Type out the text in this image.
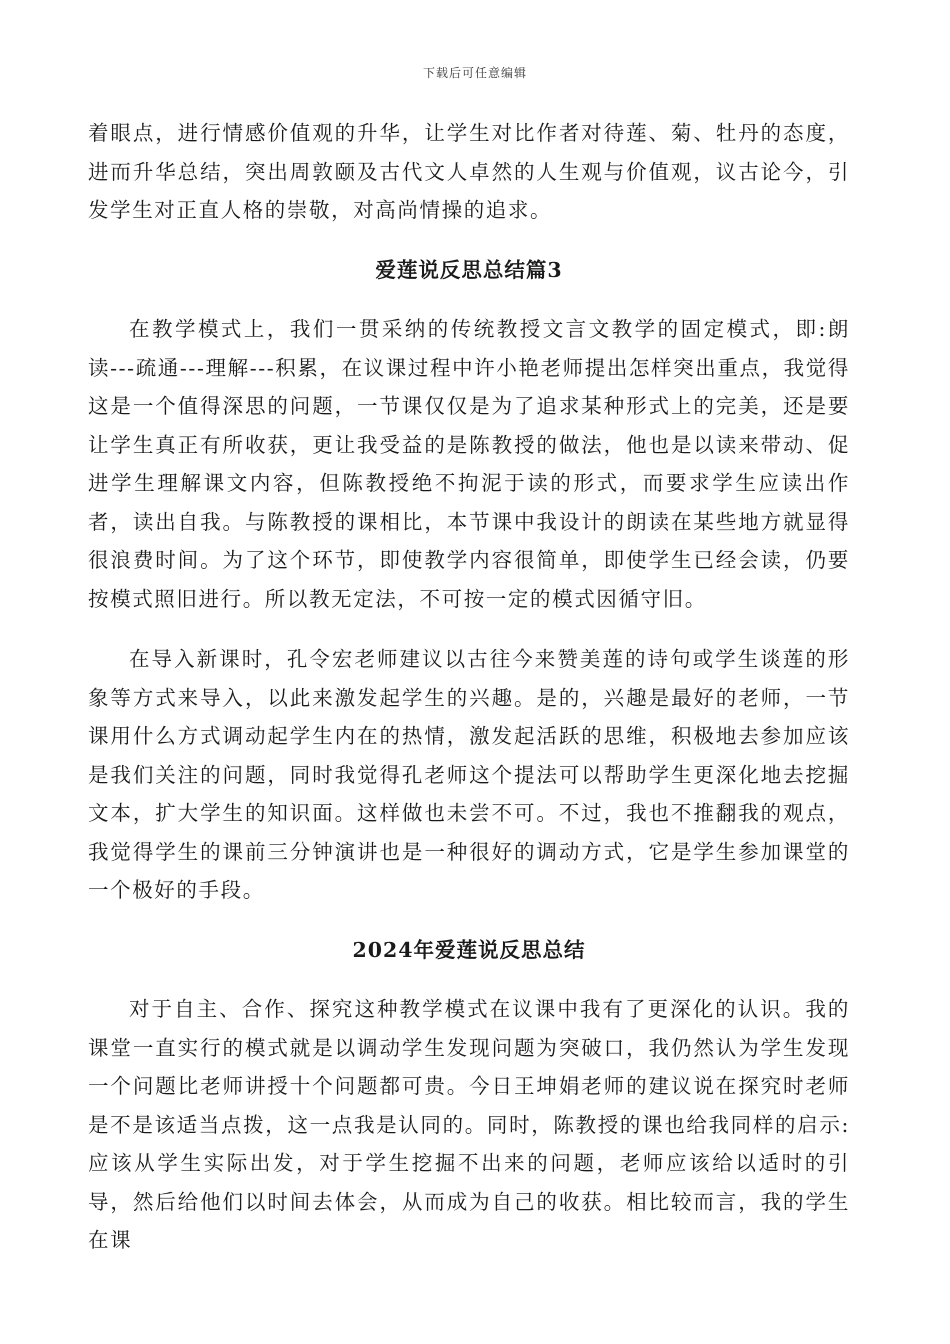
下载后可任意编辑

着眼点，进行情感价值观的升华，让学生对比作者对待莲、菊、牡丹的态度，进而升华总结，突出周敦颐及古代文人卓然的人生观与价值观，议古论今，引发学生对正直人格的崇敬，对高尚情操的追求。

爱莲说反思总结篇3

在教学模式上，我们一贯采纳的传统教授文言文教学的固定模式，即:朗读---疏通---理解---积累，在议课过程中许小艳老师提出怎样突出重点，我觉得这是一个值得深思的问题，一节课仅仅是为了追求某种形式上的完美，还是要让学生真正有所收获，更让我受益的是陈教授的做法，他也是以读来带动、促进学生理解课文内容，但陈教授绝不拘泥于读的形式，而要求学生应读出作者，读出自我。与陈教授的课相比，本节课中我设计的朗读在某些地方就显得很浪费时间。为了这个环节，即使教学内容很简单，即使学生已经会读，仍要按模式照旧进行。所以教无定法，不可按一定的模式因循守旧。

在导入新课时，孔令宏老师建议以古往今来赞美莲的诗句或学生谈莲的形象等方式来导入，以此来激发起学生的兴趣。是的，兴趣是最好的老师，一节课用什么方式调动起学生内在的热情，激发起活跃的思维，积极地去参加应该是我们关注的问题，同时我觉得孔老师这个提法可以帮助学生更深化地去挖掘文本，扩大学生的知识面。这样做也未尝不可。不过，我也不推翻我的观点，我觉得学生的课前三分钟演讲也是一种很好的调动方式，它是学生参加课堂的一个极好的手段。

2024年爱莲说反思总结

对于自主、合作、探究这种教学模式在议课中我有了更深化的认识。我的课堂一直实行的模式就是以调动学生发现问题为突破口，我仍然认为学生发现一个问题比老师讲授十个问题都可贵。今日王坤娟老师的建议说在探究时老师是不是该适当点拨，这一点我是认同的。同时，陈教授的课也给我同样的启示:应该从学生实际出发，对于学生挖掘不出来的问题，老师应该给以适时的引导，然后给他们以时间去体会，从而成为自己的收获。相比较而言，我的学生在课
